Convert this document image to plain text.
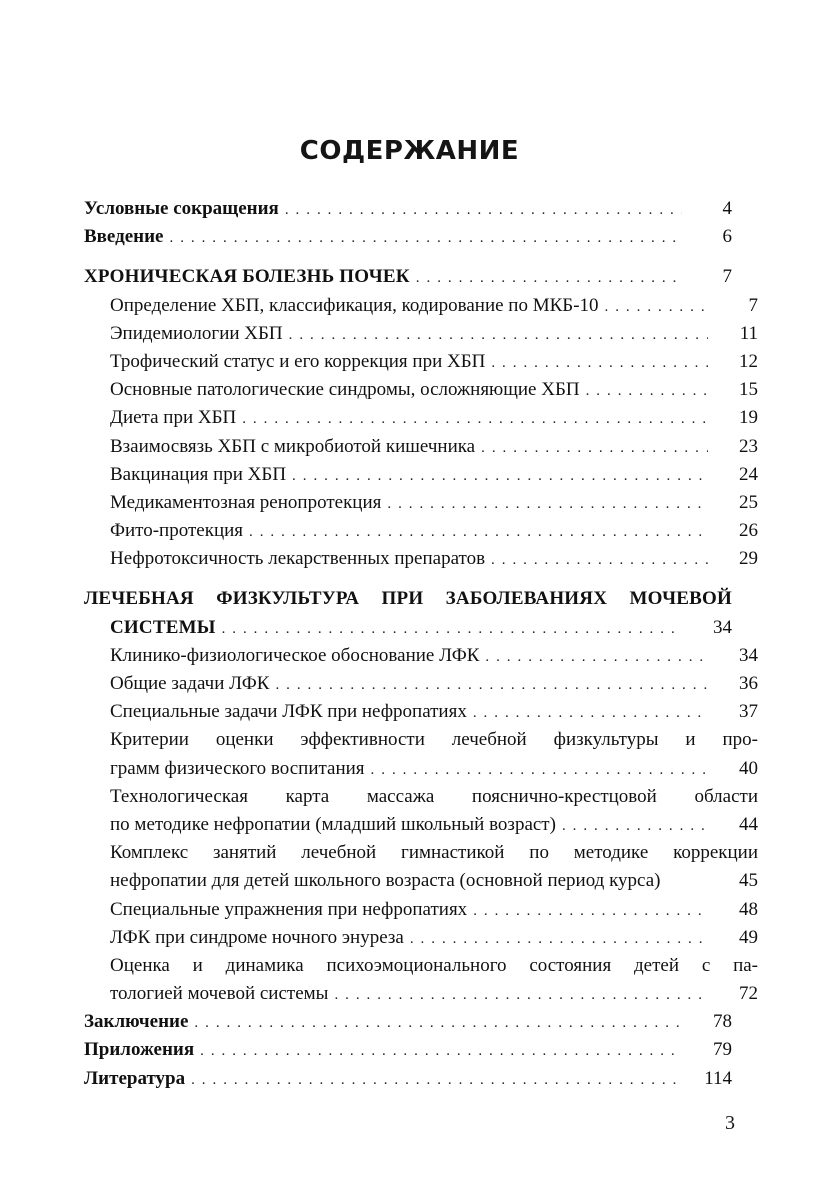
СОДЕРЖАНИЕ
Условные сокращения . . .	4
Введение . . .	6
ХРОНИЧЕСКАЯ БОЛЕЗНЬ ПОЧЕК . . .	7
Определение ХБП, классификация, кодирование по МКБ-10 . . .	7
Эпидемиологии ХБП . . .	11
Трофический статус и его коррекция при ХБП . . .	12
Основные патологические синдромы, осложняющие ХБП . . .	15
Диета при ХБП . . .	19
Взаимосвязь ХБП с микробиотой кишечника . . .	23
Вакцинация при ХБП . . .	24
Медикаментозная ренопротекция . . .	25
Фито-протекция . . .	26
Нефротоксичность лекарственных препаратов . . .	29
ЛЕЧЕБНАЯ ФИЗКУЛЬТУРА ПРИ ЗАБОЛЕВАНИЯХ МОЧЕВОЙ
СИСТЕМЫ . . .	34
Клинико-физиологическое обоснование ЛФК . . .	34
Общие задачи ЛФК . . .	36
Специальные задачи ЛФК при нефропатиях . . .	37
Критерии оценки эффективности лечебной физкультуры и про-
грамм физического воспитания . . .	40
Технологическая карта массажа пояснично-крестцовой области
по методике нефропатии (младший школьный возраст) . . .	44
Комплекс занятий лечебной гимнастикой по методике коррекции
нефропатии для детей школьного возраста (основной период курса)	45
Специальные упражнения при нефропатиях . . .	48
ЛФК при синдроме ночного энуреза . . .	49
Оценка и динамика психоэмоционального состояния детей с па-
тологией мочевой системы . . .	72
Заключение . . .	78
Приложения . . .	79
Литература . . .	114
3
